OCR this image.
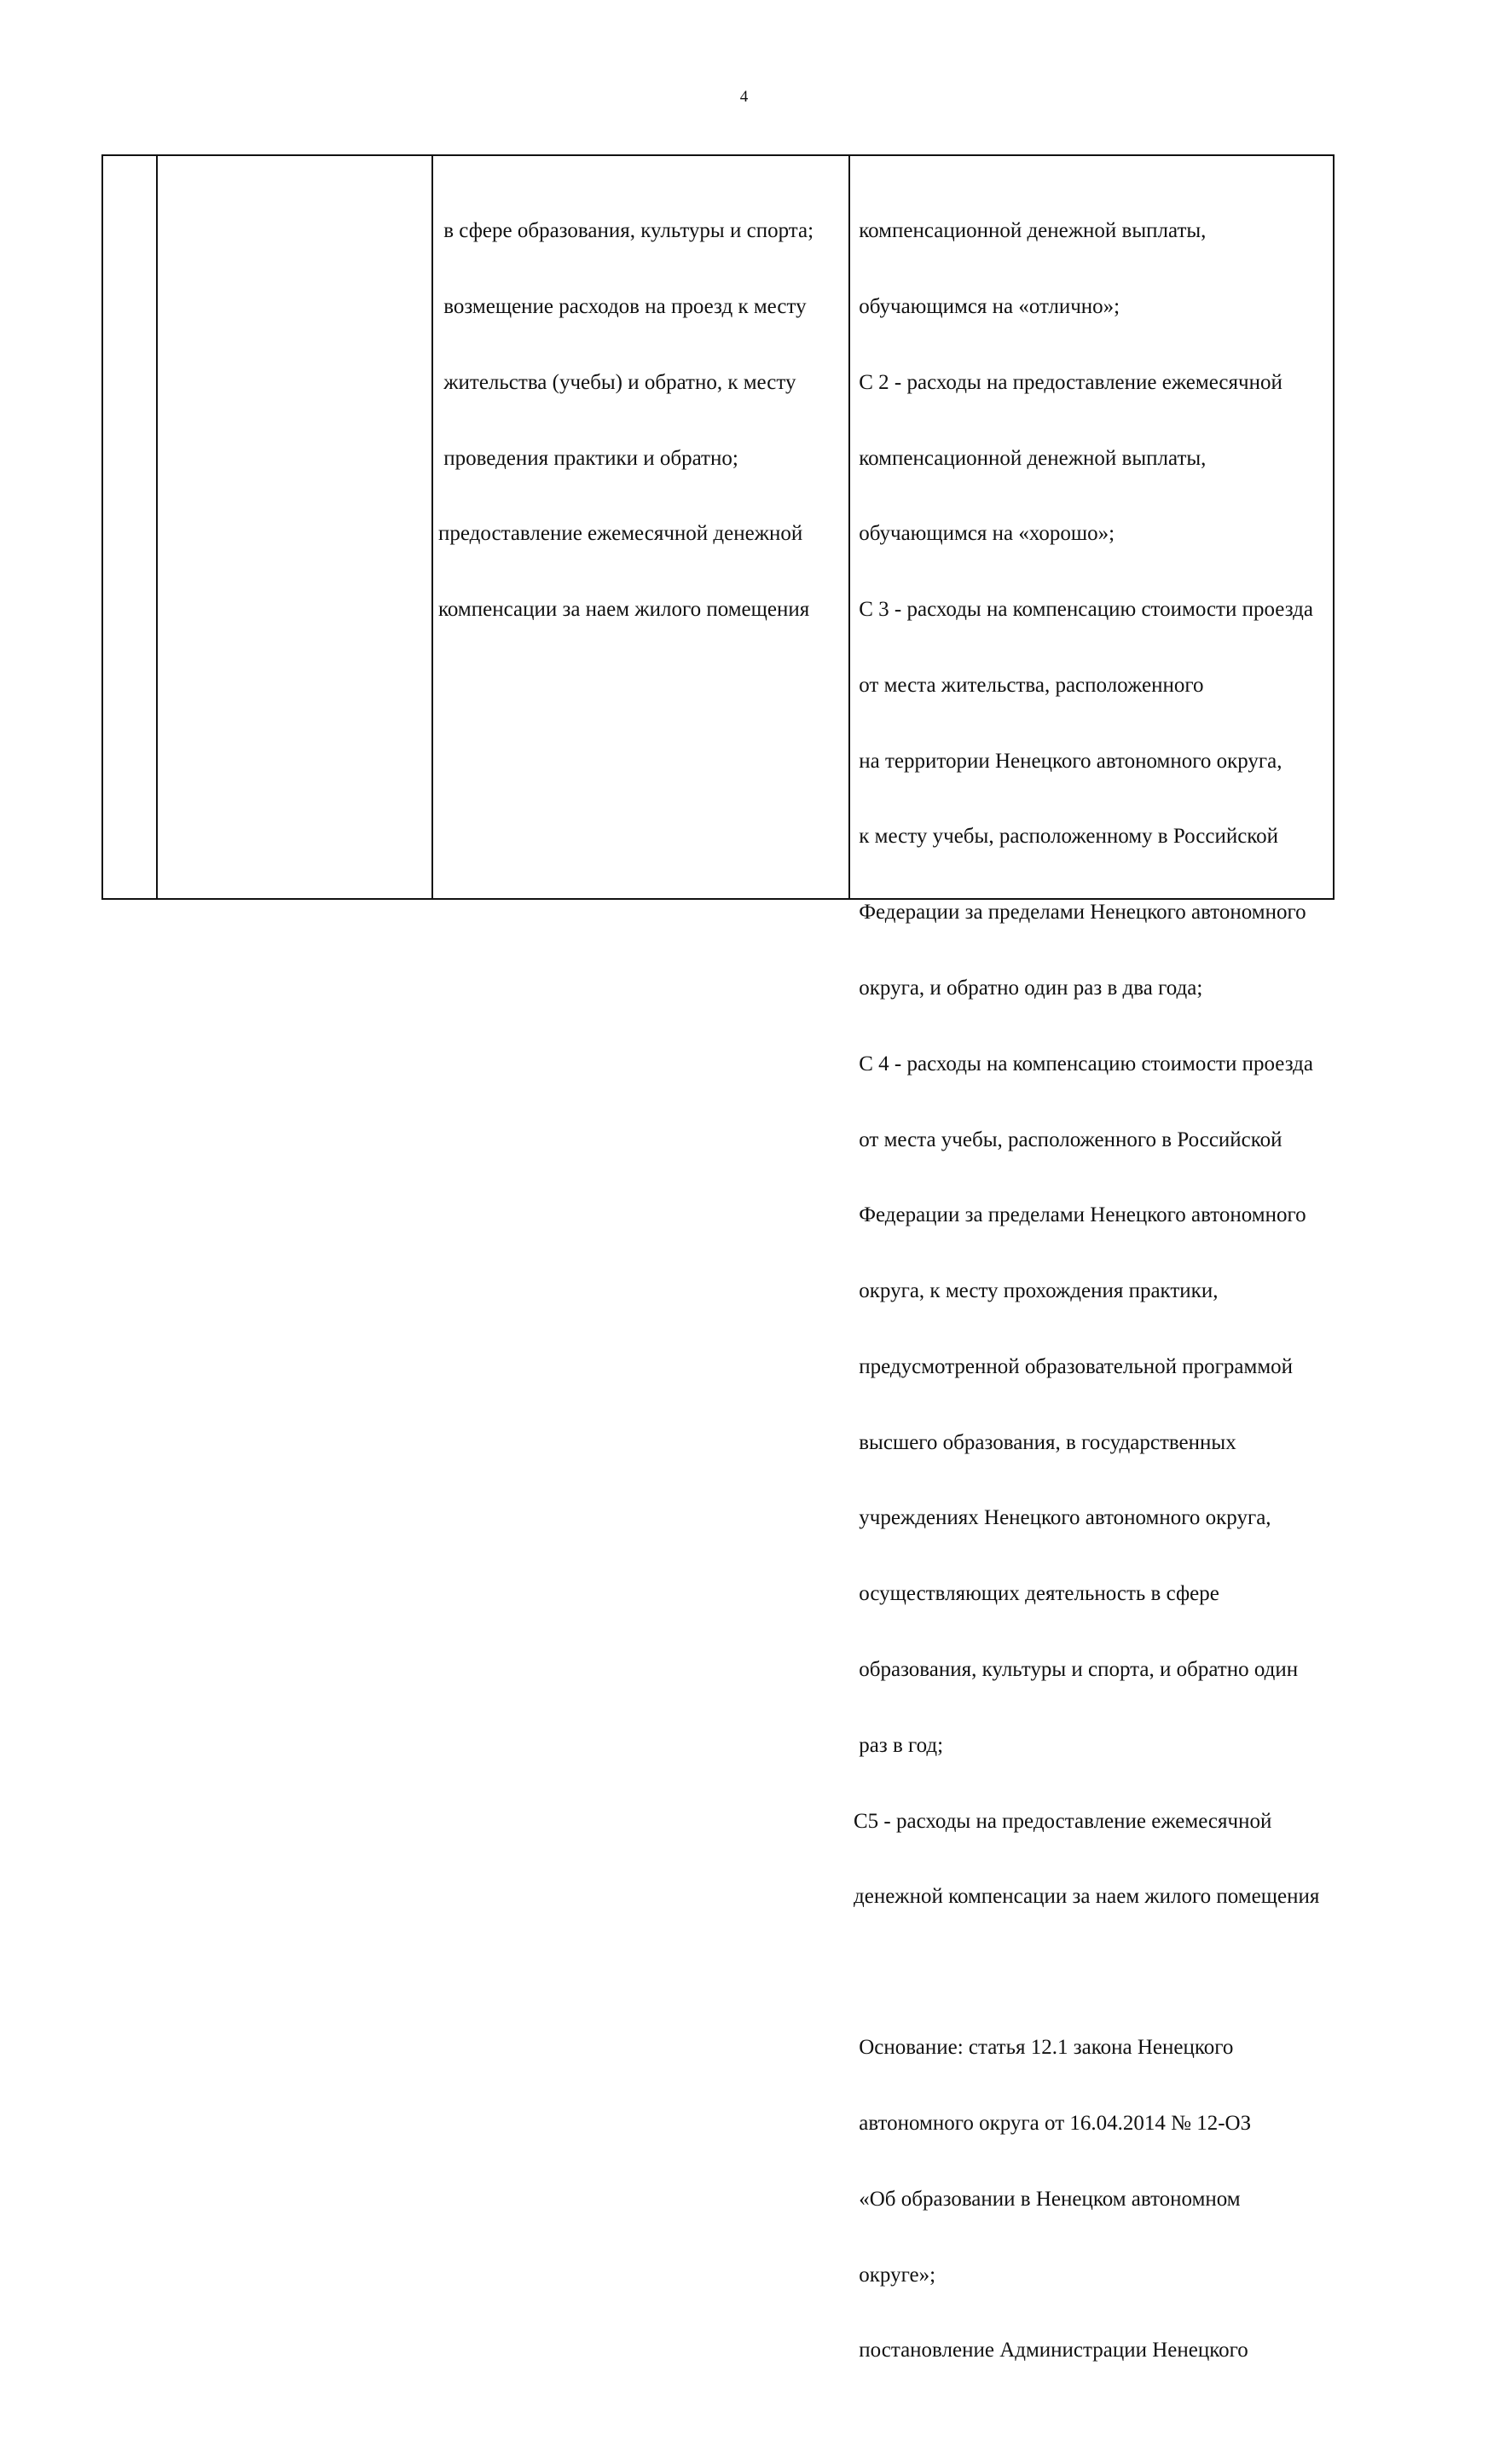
4

в сфере образования, культуры и спорта;

возмещение расходов на проезд к месту

жительства (учебы) и обратно, к месту

проведения практики и обратно;

предоставление ежемесячной денежной

компенсации за наем жилого помещения

компенсационной денежной выплаты,

обучающимся на «отлично»;

С 2 - расходы на предоставление ежемесячной

компенсационной денежной выплаты,

обучающимся на «хорошо»;

С 3 - расходы на компенсацию стоимости проезда

от места жительства, расположенного

на территории Ненецкого автономного округа,

к месту учебы, расположенному в Российской

Федерации за пределами Ненецкого автономного

округа, и обратно один раз в два года;

С 4 - расходы на компенсацию стоимости проезда

от места учебы, расположенного в Российской

Федерации за пределами Ненецкого автономного

округа, к месту прохождения практики,

предусмотренной образовательной программой

высшего образования, в государственных

учреждениях Ненецкого автономного округа,

осуществляющих деятельность в сфере

образования, культуры и спорта, и обратно один

раз в год;

С5 - расходы на предоставление ежемесячной

денежной компенсации за наем жилого помещения

Основание: статья 12.1 закона Ненецкого

автономного округа от 16.04.2014 № 12-ОЗ

«Об образовании в Ненецком автономном

округе»;

постановление Администрации Ненецкого
